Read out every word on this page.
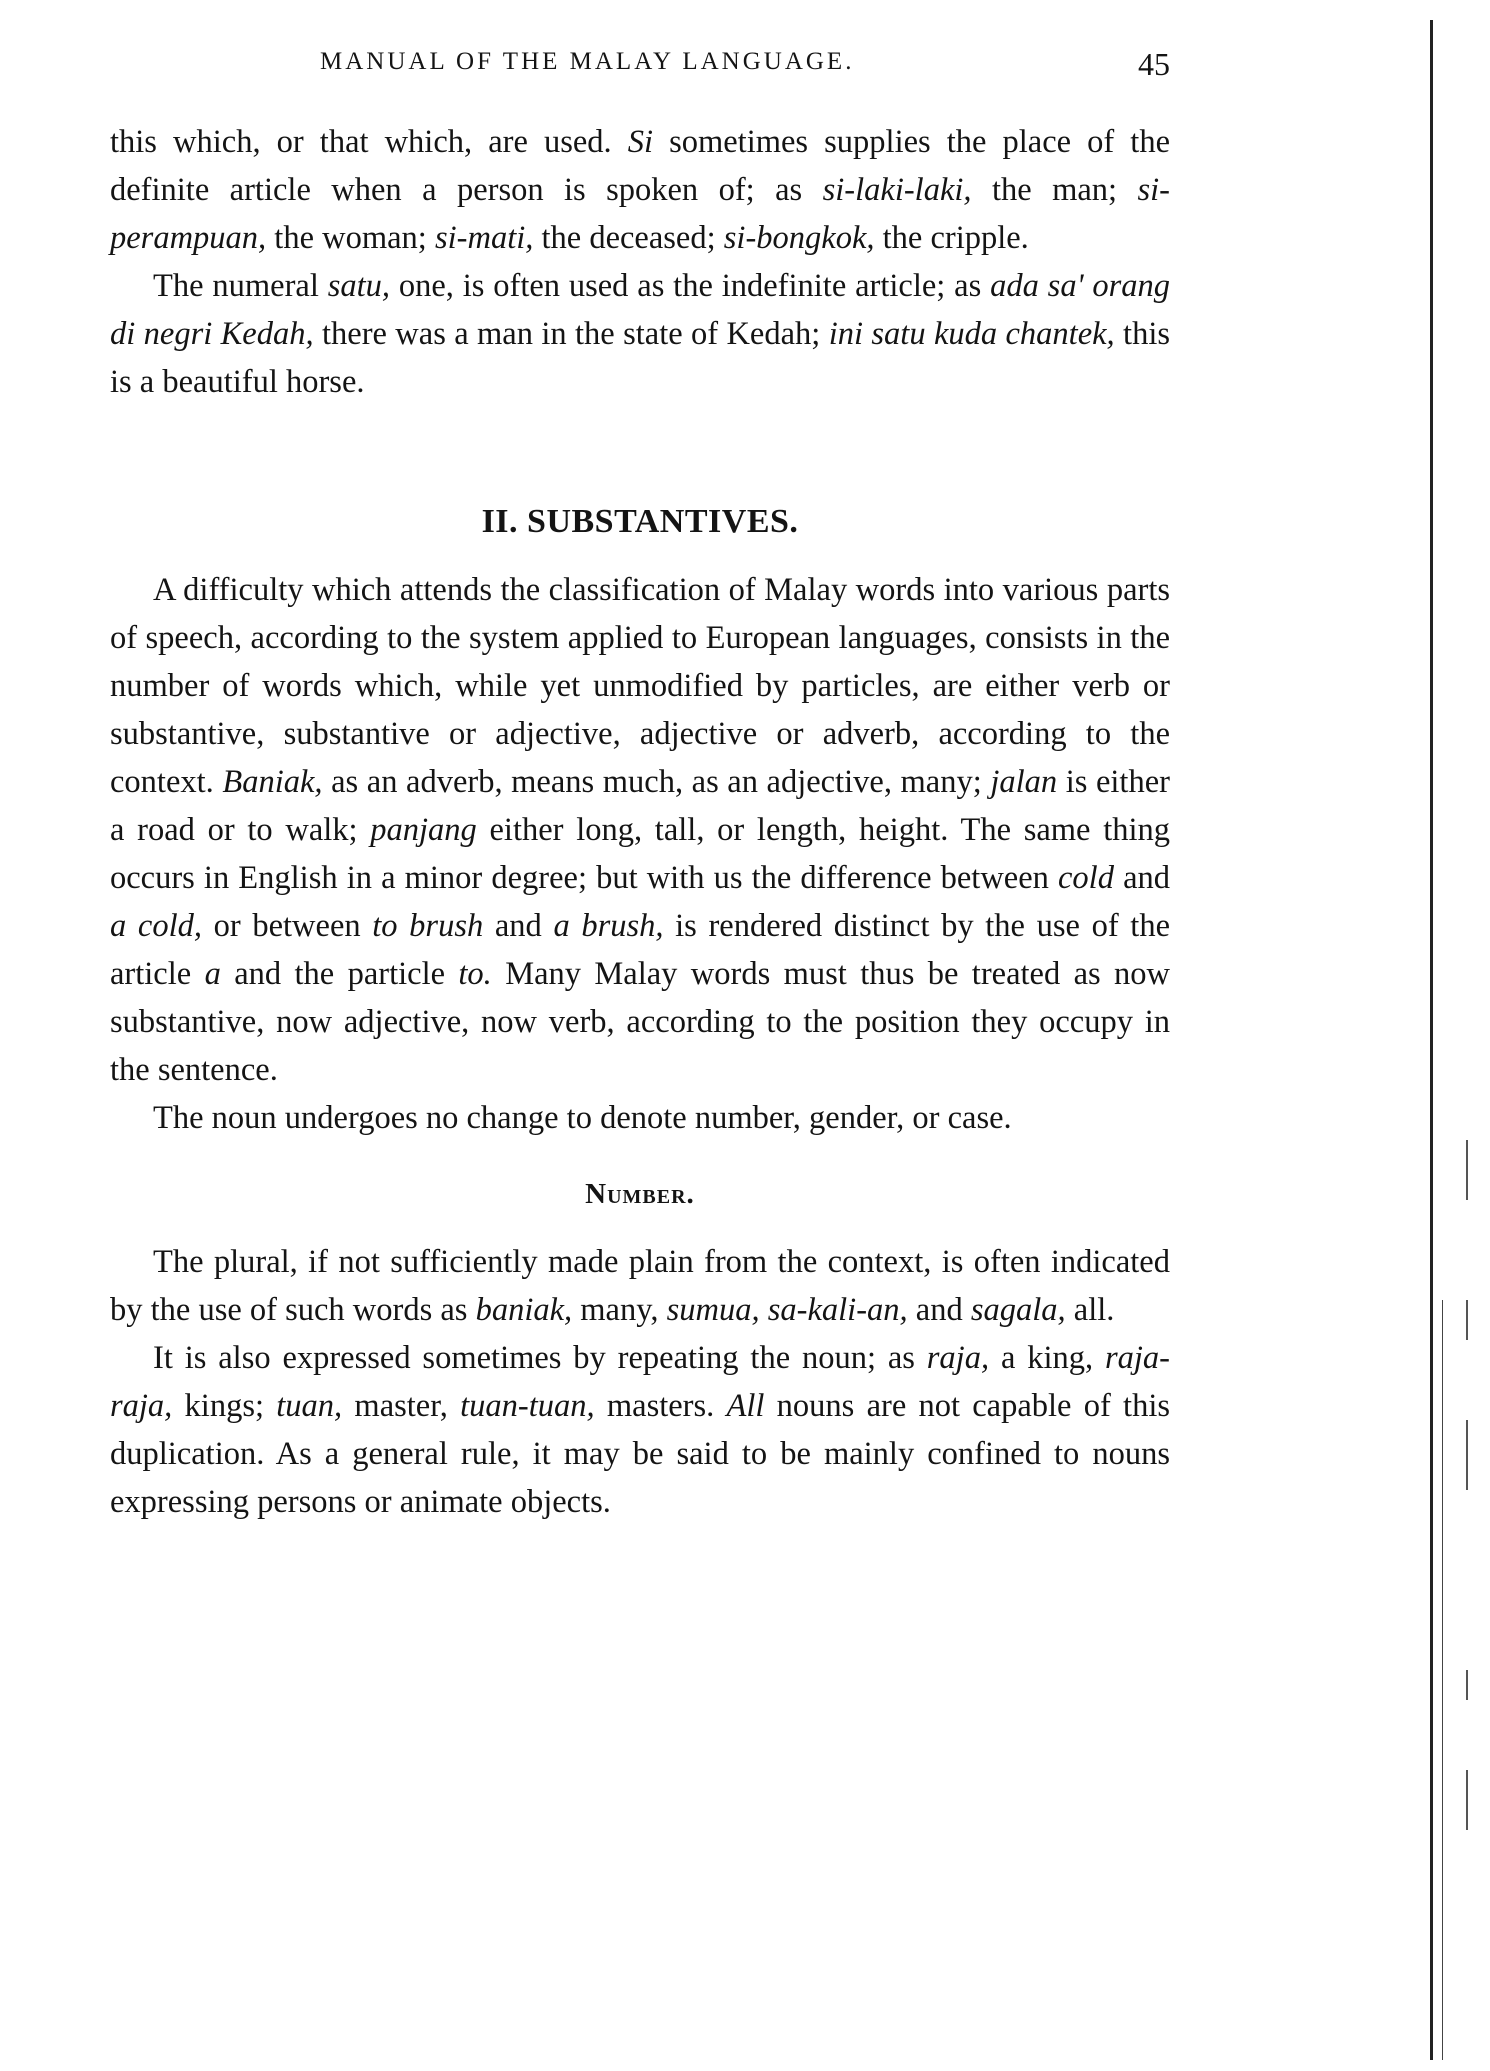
MANUAL OF THE MALAY LANGUAGE.	45

this which, or that which, are used. Si sometimes supplies the place of the definite article when a person is spoken of; as si-laki-laki, the man; si-perampuan, the woman; si-mati, the deceased; si-bongkok, the cripple.

The numeral satu, one, is often used as the indefinite article; as ada sa' orang di negri Kedah, there was a man in the state of Kedah; ini satu kuda chantek, this is a beautiful horse.

II. SUBSTANTIVES.

A difficulty which attends the classification of Malay words into various parts of speech, according to the system applied to European languages, consists in the number of words which, while yet unmodified by particles, are either verb or substantive, substantive or adjective, adjective or adverb, according to the context. Baniak, as an adverb, means much, as an adjective, many; jalan is either a road or to walk; panjang either long, tall, or length, height. The same thing occurs in English in a minor degree; but with us the difference between cold and a cold, or between to brush and a brush, is rendered distinct by the use of the article a and the particle to. Many Malay words must thus be treated as now substantive, now adjective, now verb, according to the position they occupy in the sentence.

The noun undergoes no change to denote number, gender, or case.

Number.

The plural, if not sufficiently made plain from the context, is often indicated by the use of such words as baniak, many, sumua, sa-kali-an, and sagala, all.

It is also expressed sometimes by repeating the noun; as raja, a king, raja-raja, kings; tuan, master, tuan-tuan, masters. All nouns are not capable of this duplication. As a general rule, it may be said to be mainly confined to nouns expressing persons or animate objects.
